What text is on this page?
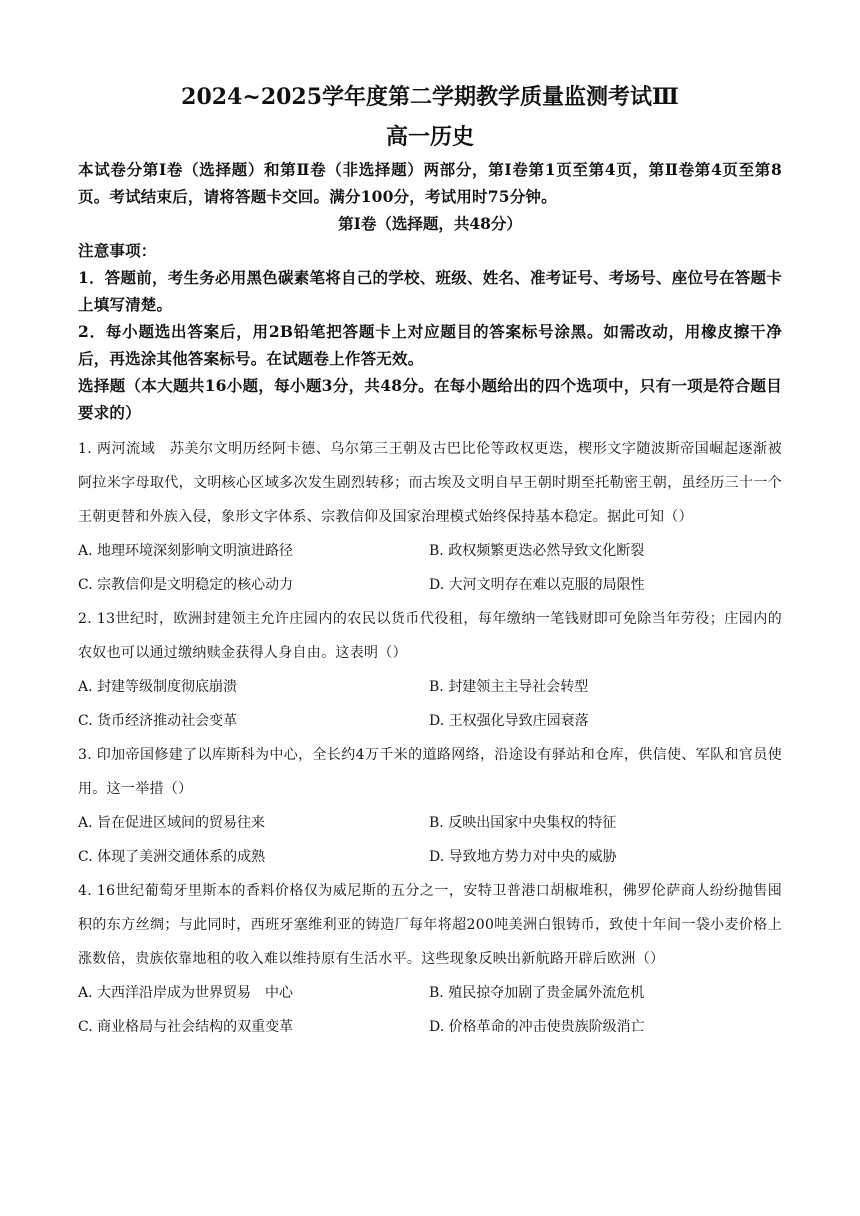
2024~2025学年度第二学期教学质量监测考试Ⅲ
高一历史

本试卷分第Ⅰ卷（选择题）和第Ⅱ卷（非选择题）两部分，第Ⅰ卷第1页至第4页，第Ⅱ卷第4页至第8页。考试结束后，请将答题卡交回。满分100分，考试用时75分钟。

第Ⅰ卷（选择题，共48分）

注意事项：

1．答题前，考生务必用黑色碳素笔将自己的学校、班级、姓名、准考证号、考场号、座位号在答题卡上填写清楚。

2．每小题选出答案后，用2B铅笔把答题卡上对应题目的答案标号涂黑。如需改动，用橡皮擦干净后，再选涂其他答案标号。在试题卷上作答无效。

选择题（本大题共16小题，每小题3分，共48分。在每小题给出的四个选项中，只有一项是符合题目要求的）

1. 两河流域　苏美尔文明历经阿卡德、乌尔第三王朝及古巴比伦等政权更迭，楔形文字随波斯帝国崛起逐渐被阿拉米字母取代，文明核心区域多次发生剧烈转移；而古埃及文明自早王朝时期至托勒密王朝，虽经历三十一个王朝更替和外族入侵，象形文字体系、宗教信仰及国家治理模式始终保持基本稳定。据此可知（）

A. 地理环境深刻影响文明演进路径	B. 政权频繁更迭必然导致文化断裂
C. 宗教信仰是文明稳定的核心动力	D. 大河文明存在难以克服的局限性

2. 13世纪时，欧洲封建领主允许庄园内的农民以货币代役租，每年缴纳一笔钱财即可免除当年劳役；庄园内的农奴也可以通过缴纳赎金获得人身自由。这表明（）

A. 封建等级制度彻底崩溃	B. 封建领主主导社会转型
C. 货币经济推动社会变革	D. 王权强化导致庄园衰落

3. 印加帝国修建了以库斯科为中心，全长约4万千米的道路网络，沿途设有驿站和仓库，供信使、军队和官员使用。这一举措（）

A. 旨在促进区域间的贸易往来	B. 反映出国家中央集权的特征
C. 体现了美洲交通体系的成熟	D. 导致地方势力对中央的威胁

4. 16世纪葡萄牙里斯本的香料价格仅为威尼斯的五分之一，安特卫普港口胡椒堆积，佛罗伦萨商人纷纷抛售囤积的东方丝绸；与此同时，西班牙塞维利亚的铸造厂每年将超200吨美洲白银铸币，致使十年间一袋小麦价格上涨数倍，贵族依靠地租的收入难以维持原有生活水平。这些现象反映出新航路开辟后欧洲（）

A. 大西洋沿岸成为世界贸易　中心	B. 殖民掠夺加剧了贵金属外流危机
C. 商业格局与社会结构的双重变革	D. 价格革命的冲击使贵族阶级消亡
